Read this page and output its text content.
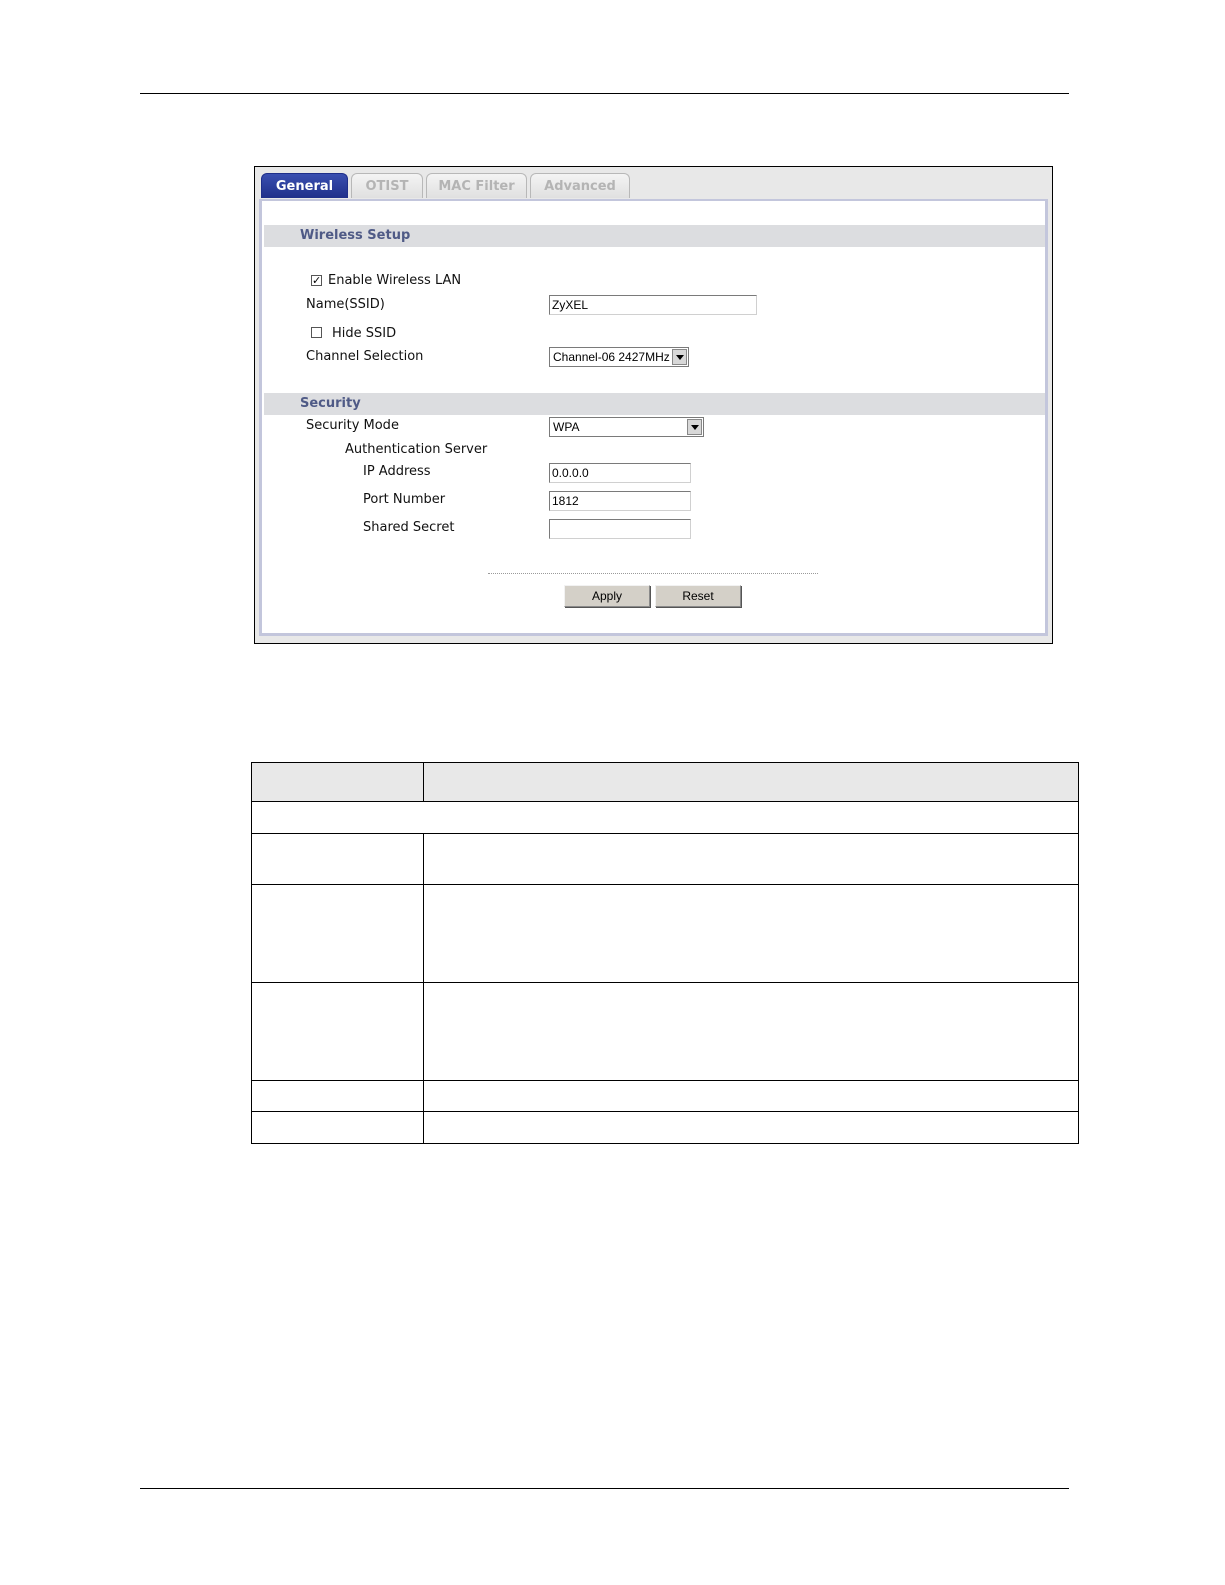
General	OTIST	MAC Filter	Advanced
Wireless Setup
✓ Enable Wireless LAN
Name(SSID)	ZyXEL
Hide SSID
Channel Selection	Channel-06 2427MHz
Security
Security Mode	WPA
Authentication Server
IP Address	0.0.0.0
Port Number	1812
Shared Secret
Apply	Reset
